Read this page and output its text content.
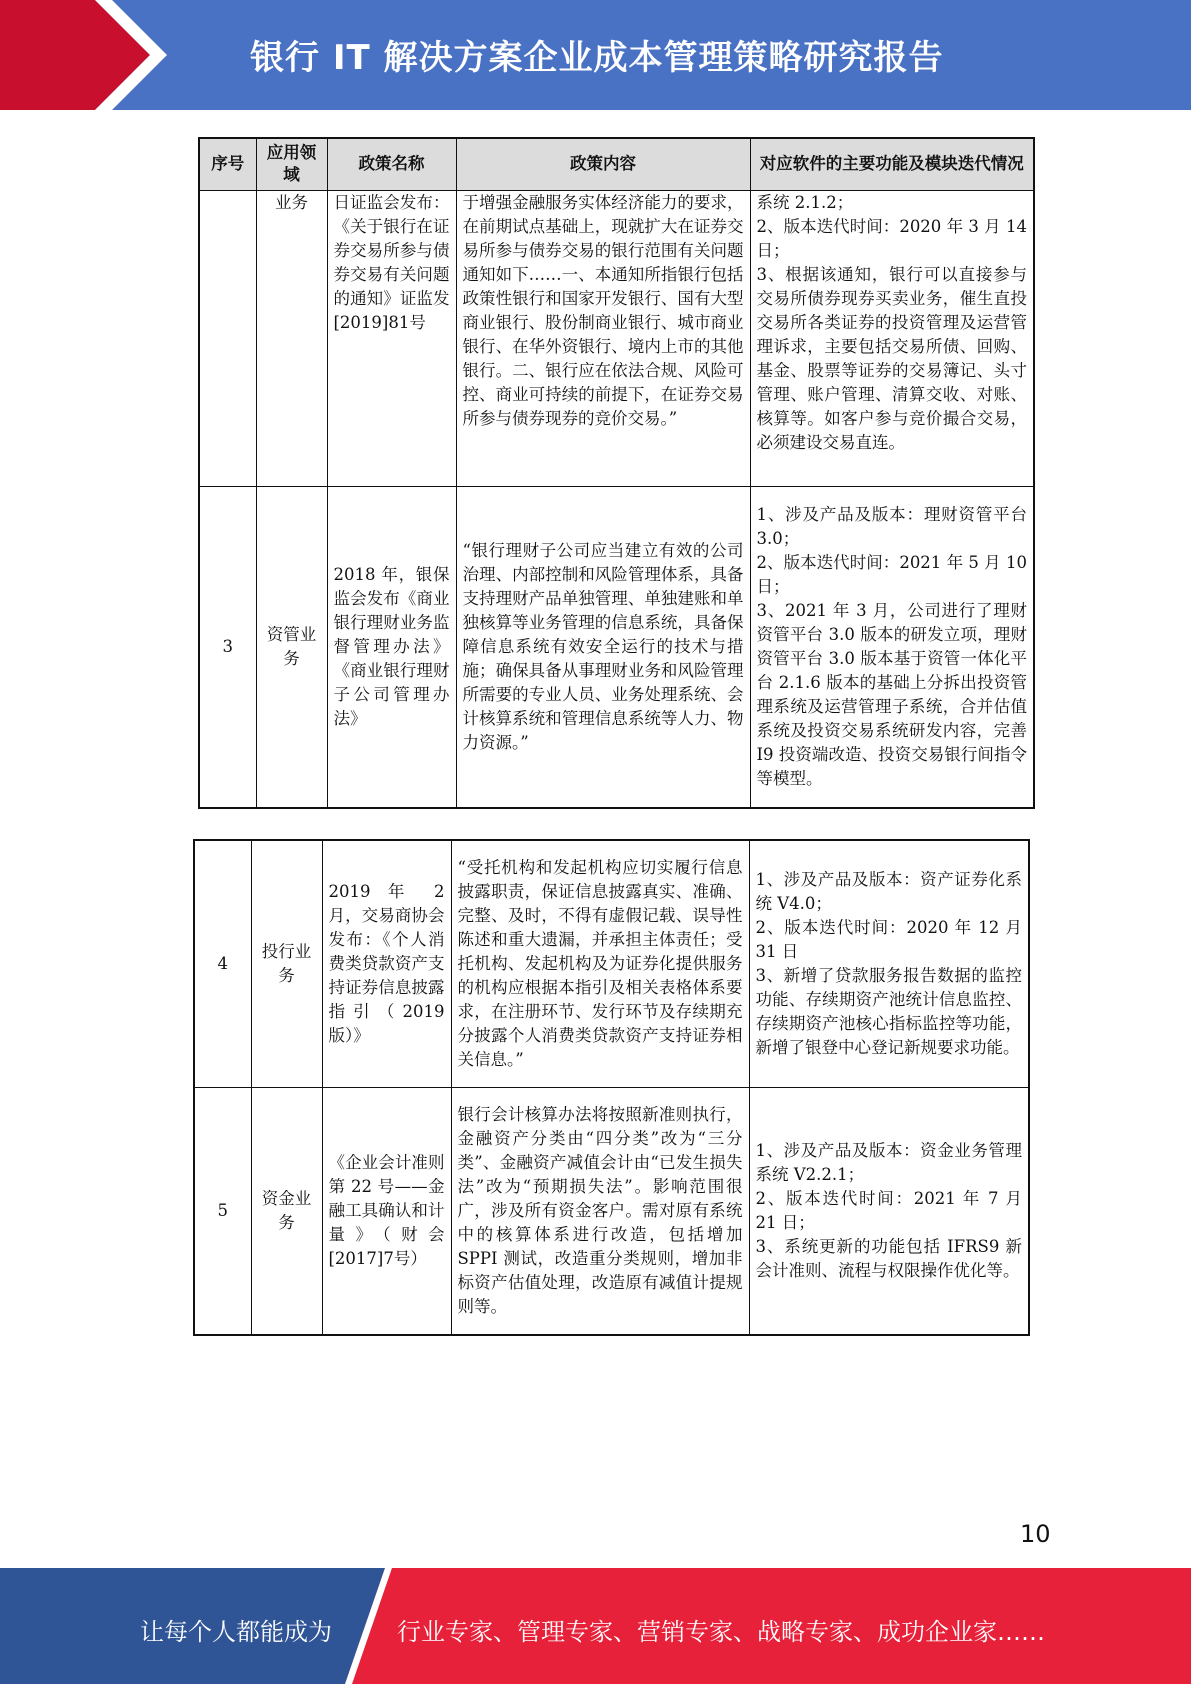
银行 IT 解决方案企业成本管理策略研究报告
序号	应用领域	政策名称	政策内容	对应软件的主要功能及模块迭代情况
	业务	日证监会发布：《关于银行在证券交易所参与债券交易有关问题的通知》证监发[2019]81号	于增强金融服务实体经济能力的要求，在前期试点基础上，现就扩大在证券交易所参与债券交易的银行范围有关问题通知如下……一、本通知所指银行包括政策性银行和国家开发银行、国有大型商业银行、股份制商业银行、城市商业银行、在华外资银行、境内上市的其他银行。二、银行应在依法合规、风险可控、商业可持续的前提下，在证券交易所参与债券现券的竞价交易。”	系统 2.1.2；
2、版本迭代时间：2020 年 3 月 14 日；
3、根据该通知，银行可以直接参与交易所债券现券买卖业务，催生直投交易所各类证券的投资管理及运营管理诉求，主要包括交易所债、回购、基金、股票等证券的交易簿记、头寸管理、账户管理、清算交收、对账、核算等。如客户参与竞价撮合交易，必须建设交易直连。
3	资管业务	2018 年，银保监会发布《商业银行理财业务监督管理办法》《商业银行理财子公司管理办法》	“银行理财子公司应当建立有效的公司治理、内部控制和风险管理体系，具备支持理财产品单独管理、单独建账和单独核算等业务管理的信息系统，具备保障信息系统有效安全运行的技术与措施；确保具备从事理财业务和风险管理所需要的专业人员、业务处理系统、会计核算系统和管理信息系统等人力、物力资源。”	1、涉及产品及版本：理财资管平台 3.0；
2、版本迭代时间：2021 年 5 月 10 日；
3、2021 年 3 月，公司进行了理财资管平台 3.0 版本的研发立项，理财资管平台 3.0 版本基于资管一体化平台 2.1.6 版本的基础上分拆出投资管理系统及运营管理子系统，合并估值系统及投资交易系统研发内容，完善 I9 投资端改造、投资交易银行间指令等模型。
4	投行业务	2019 年 2 月，交易商协会发布：《个人消费类贷款资产支持证券信息披露指引（2019版）》	“受托机构和发起机构应切实履行信息披露职责，保证信息披露真实、准确、完整、及时，不得有虚假记载、误导性陈述和重大遗漏，并承担主体责任；受托机构、发起机构及为证券化提供服务的机构应根据本指引及相关表格体系要求，在注册环节、发行环节及存续期充分披露个人消费类贷款资产支持证券相关信息。”	1、涉及产品及版本：资产证券化系统 V4.0；
2、版本迭代时间：2020 年 12 月 31 日
3、新增了贷款服务报告数据的监控功能、存续期资产池统计信息监控、存续期资产池核心指标监控等功能，新增了银登中心登记新规要求功能。
5	资金业务	《企业会计准则第 22 号——金融工具确认和计量》（财会[2017]7号）	银行会计核算办法将按照新准则执行，金融资产分类由“四分类”改为“三分类”、金融资产减值会计由“已发生损失法”改为“预期损失法”。影响范围很广，涉及所有资金客户。需对原有系统中的核算体系进行改造，包括增加 SPPI 测试，改造重分类规则，增加非标资产估值处理，改造原有减值计提规则等。	1、涉及产品及版本：资金业务管理系统 V2.2.1；
2、版本迭代时间：2021 年 7 月 21 日；
3、系统更新的功能包括 IFRS9 新会计准则、流程与权限操作优化等。
10
让每个人都能成为	行业专家、管理专家、营销专家、战略专家、成功企业家……
